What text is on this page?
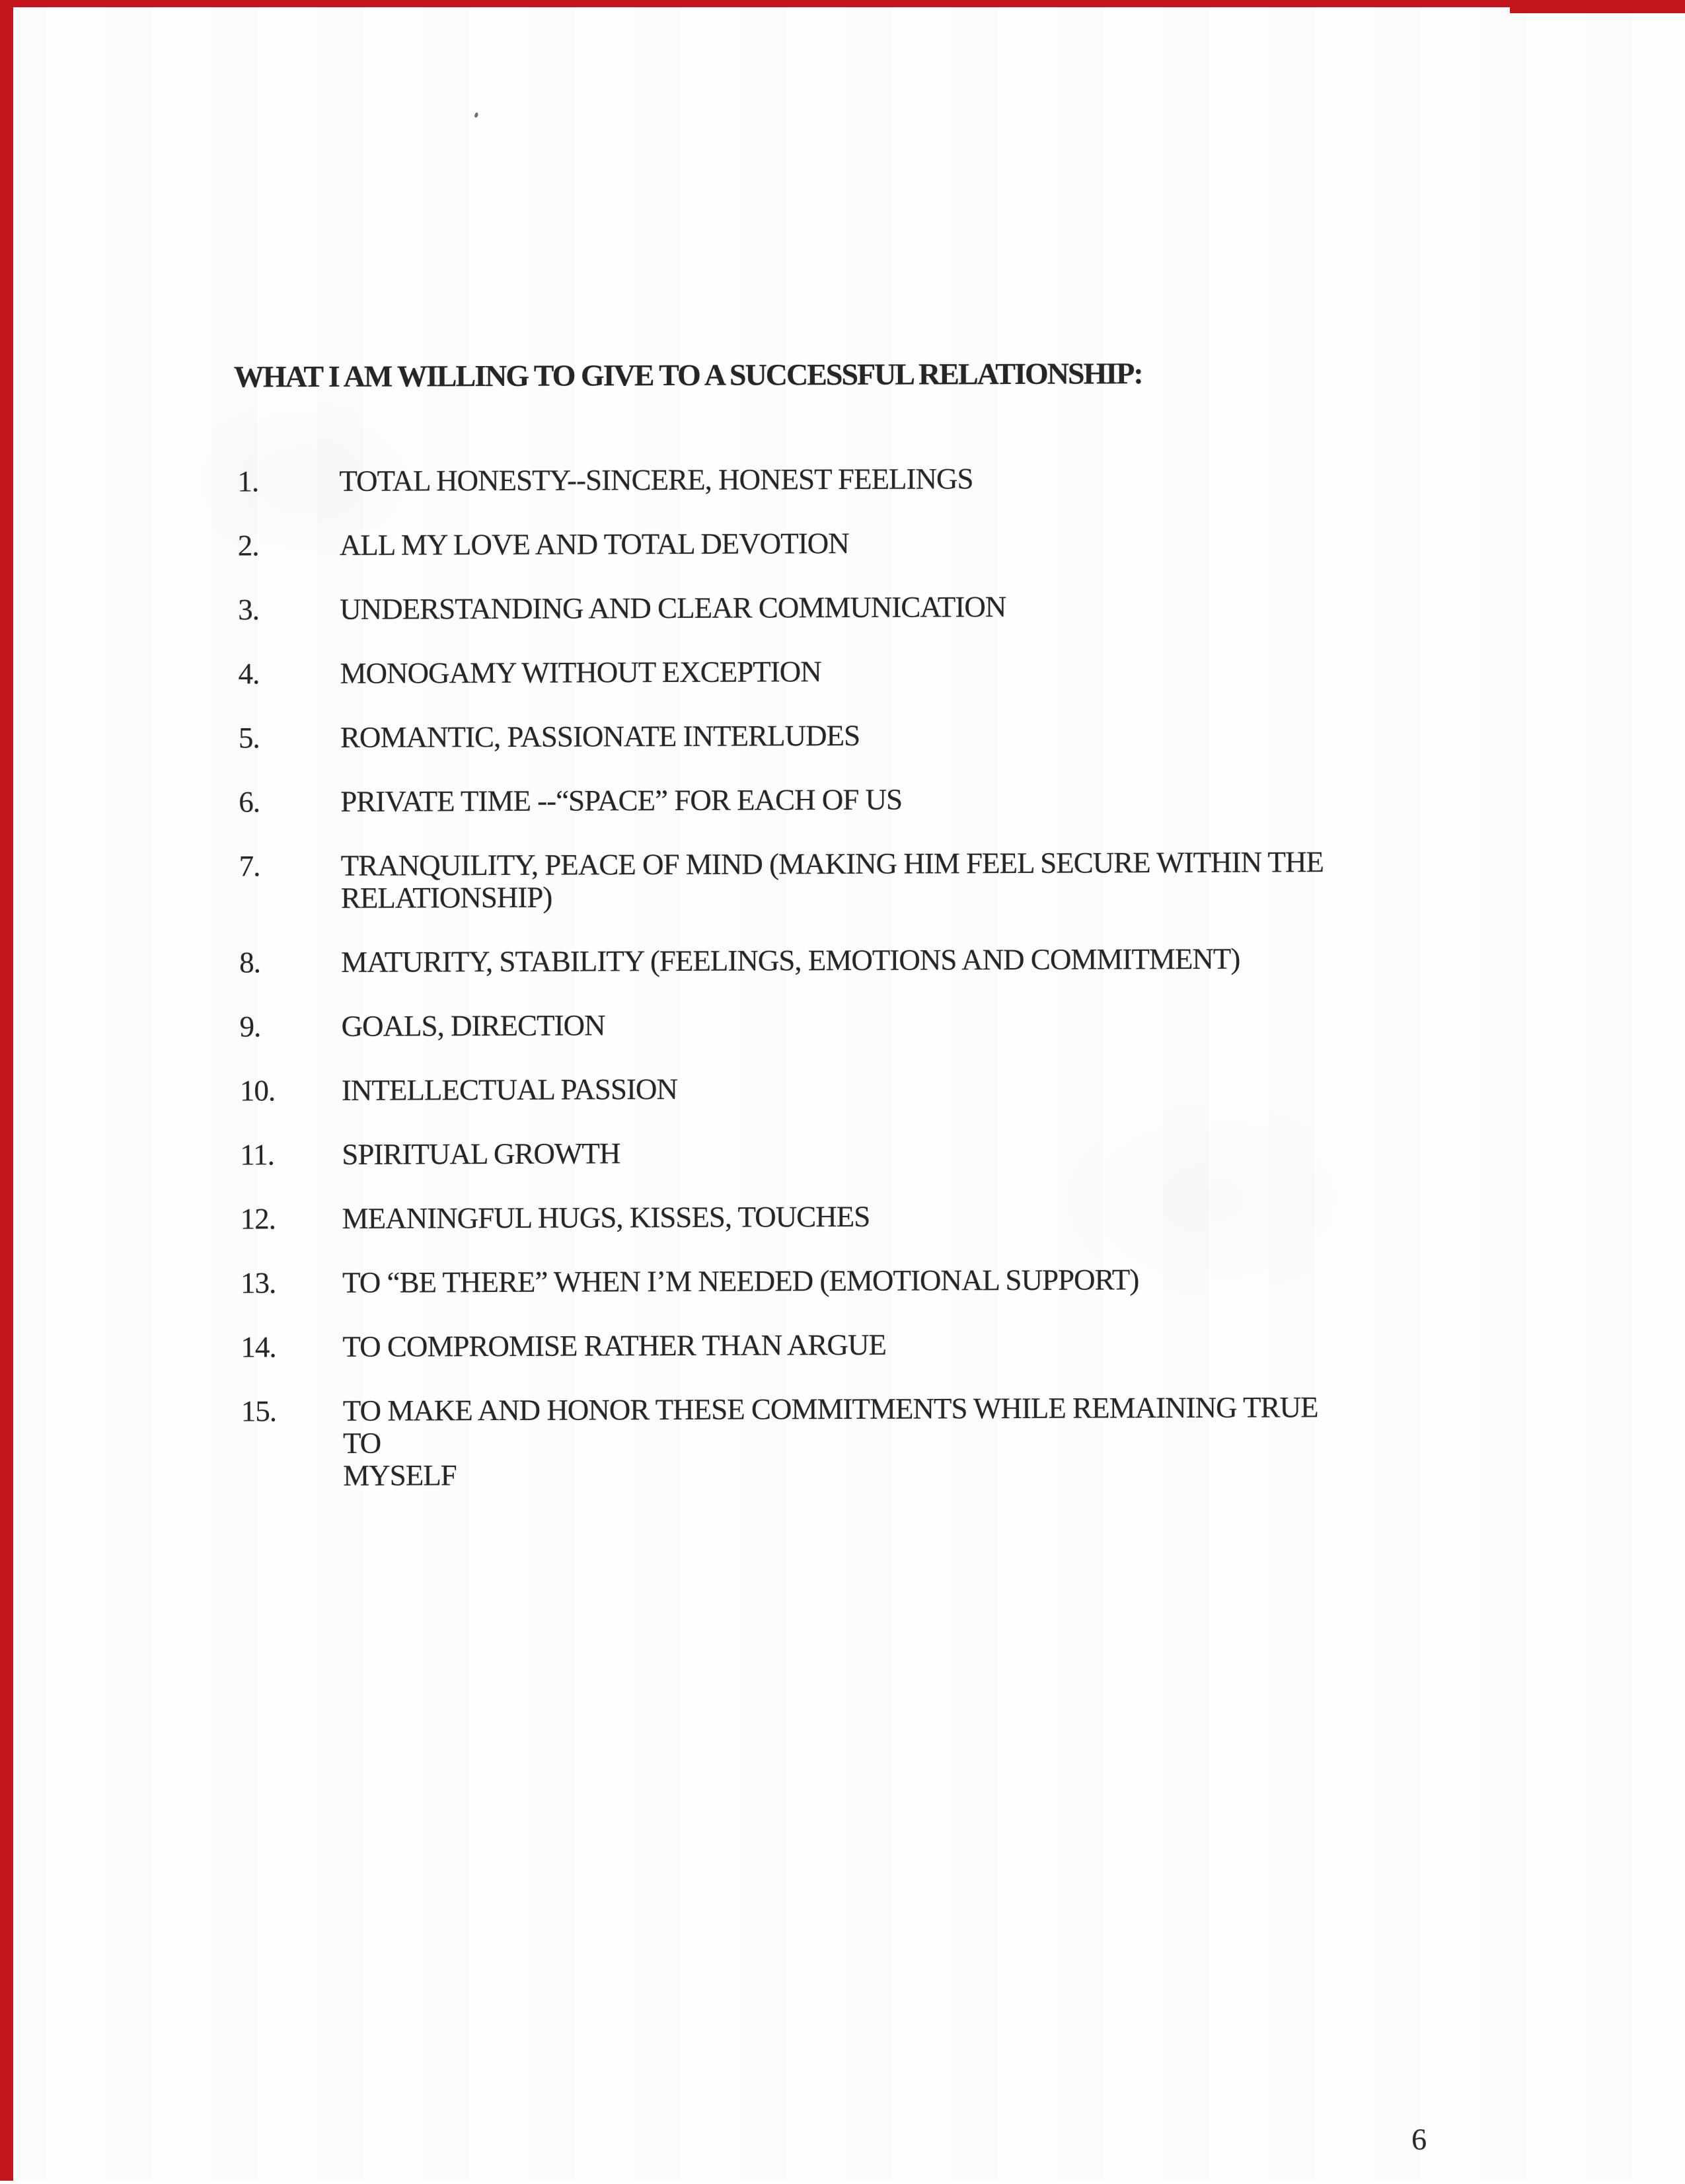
WHAT I AM WILLING TO GIVE TO A SUCCESSFUL RELATIONSHIP:
1.	TOTAL HONESTY--SINCERE, HONEST FEELINGS
2.	ALL MY LOVE AND TOTAL DEVOTION
3.	UNDERSTANDING AND CLEAR COMMUNICATION
4.	MONOGAMY WITHOUT EXCEPTION
5.	ROMANTIC, PASSIONATE INTERLUDES
6.	PRIVATE TIME --“SPACE” FOR EACH OF US
7.	TRANQUILITY, PEACE OF MIND (MAKING HIM FEEL SECURE WITHIN THE
RELATIONSHIP)
8.	MATURITY, STABILITY (FEELINGS, EMOTIONS AND COMMITMENT)
9.	GOALS, DIRECTION
10.	INTELLECTUAL PASSION
11.	SPIRITUAL GROWTH
12.	MEANINGFUL HUGS, KISSES, TOUCHES
13.	TO “BE THERE” WHEN I’M NEEDED (EMOTIONAL SUPPORT)
14.	TO COMPROMISE RATHER THAN ARGUE
15.	TO MAKE AND HONOR THESE COMMITMENTS WHILE REMAINING TRUE TO
MYSELF
6
